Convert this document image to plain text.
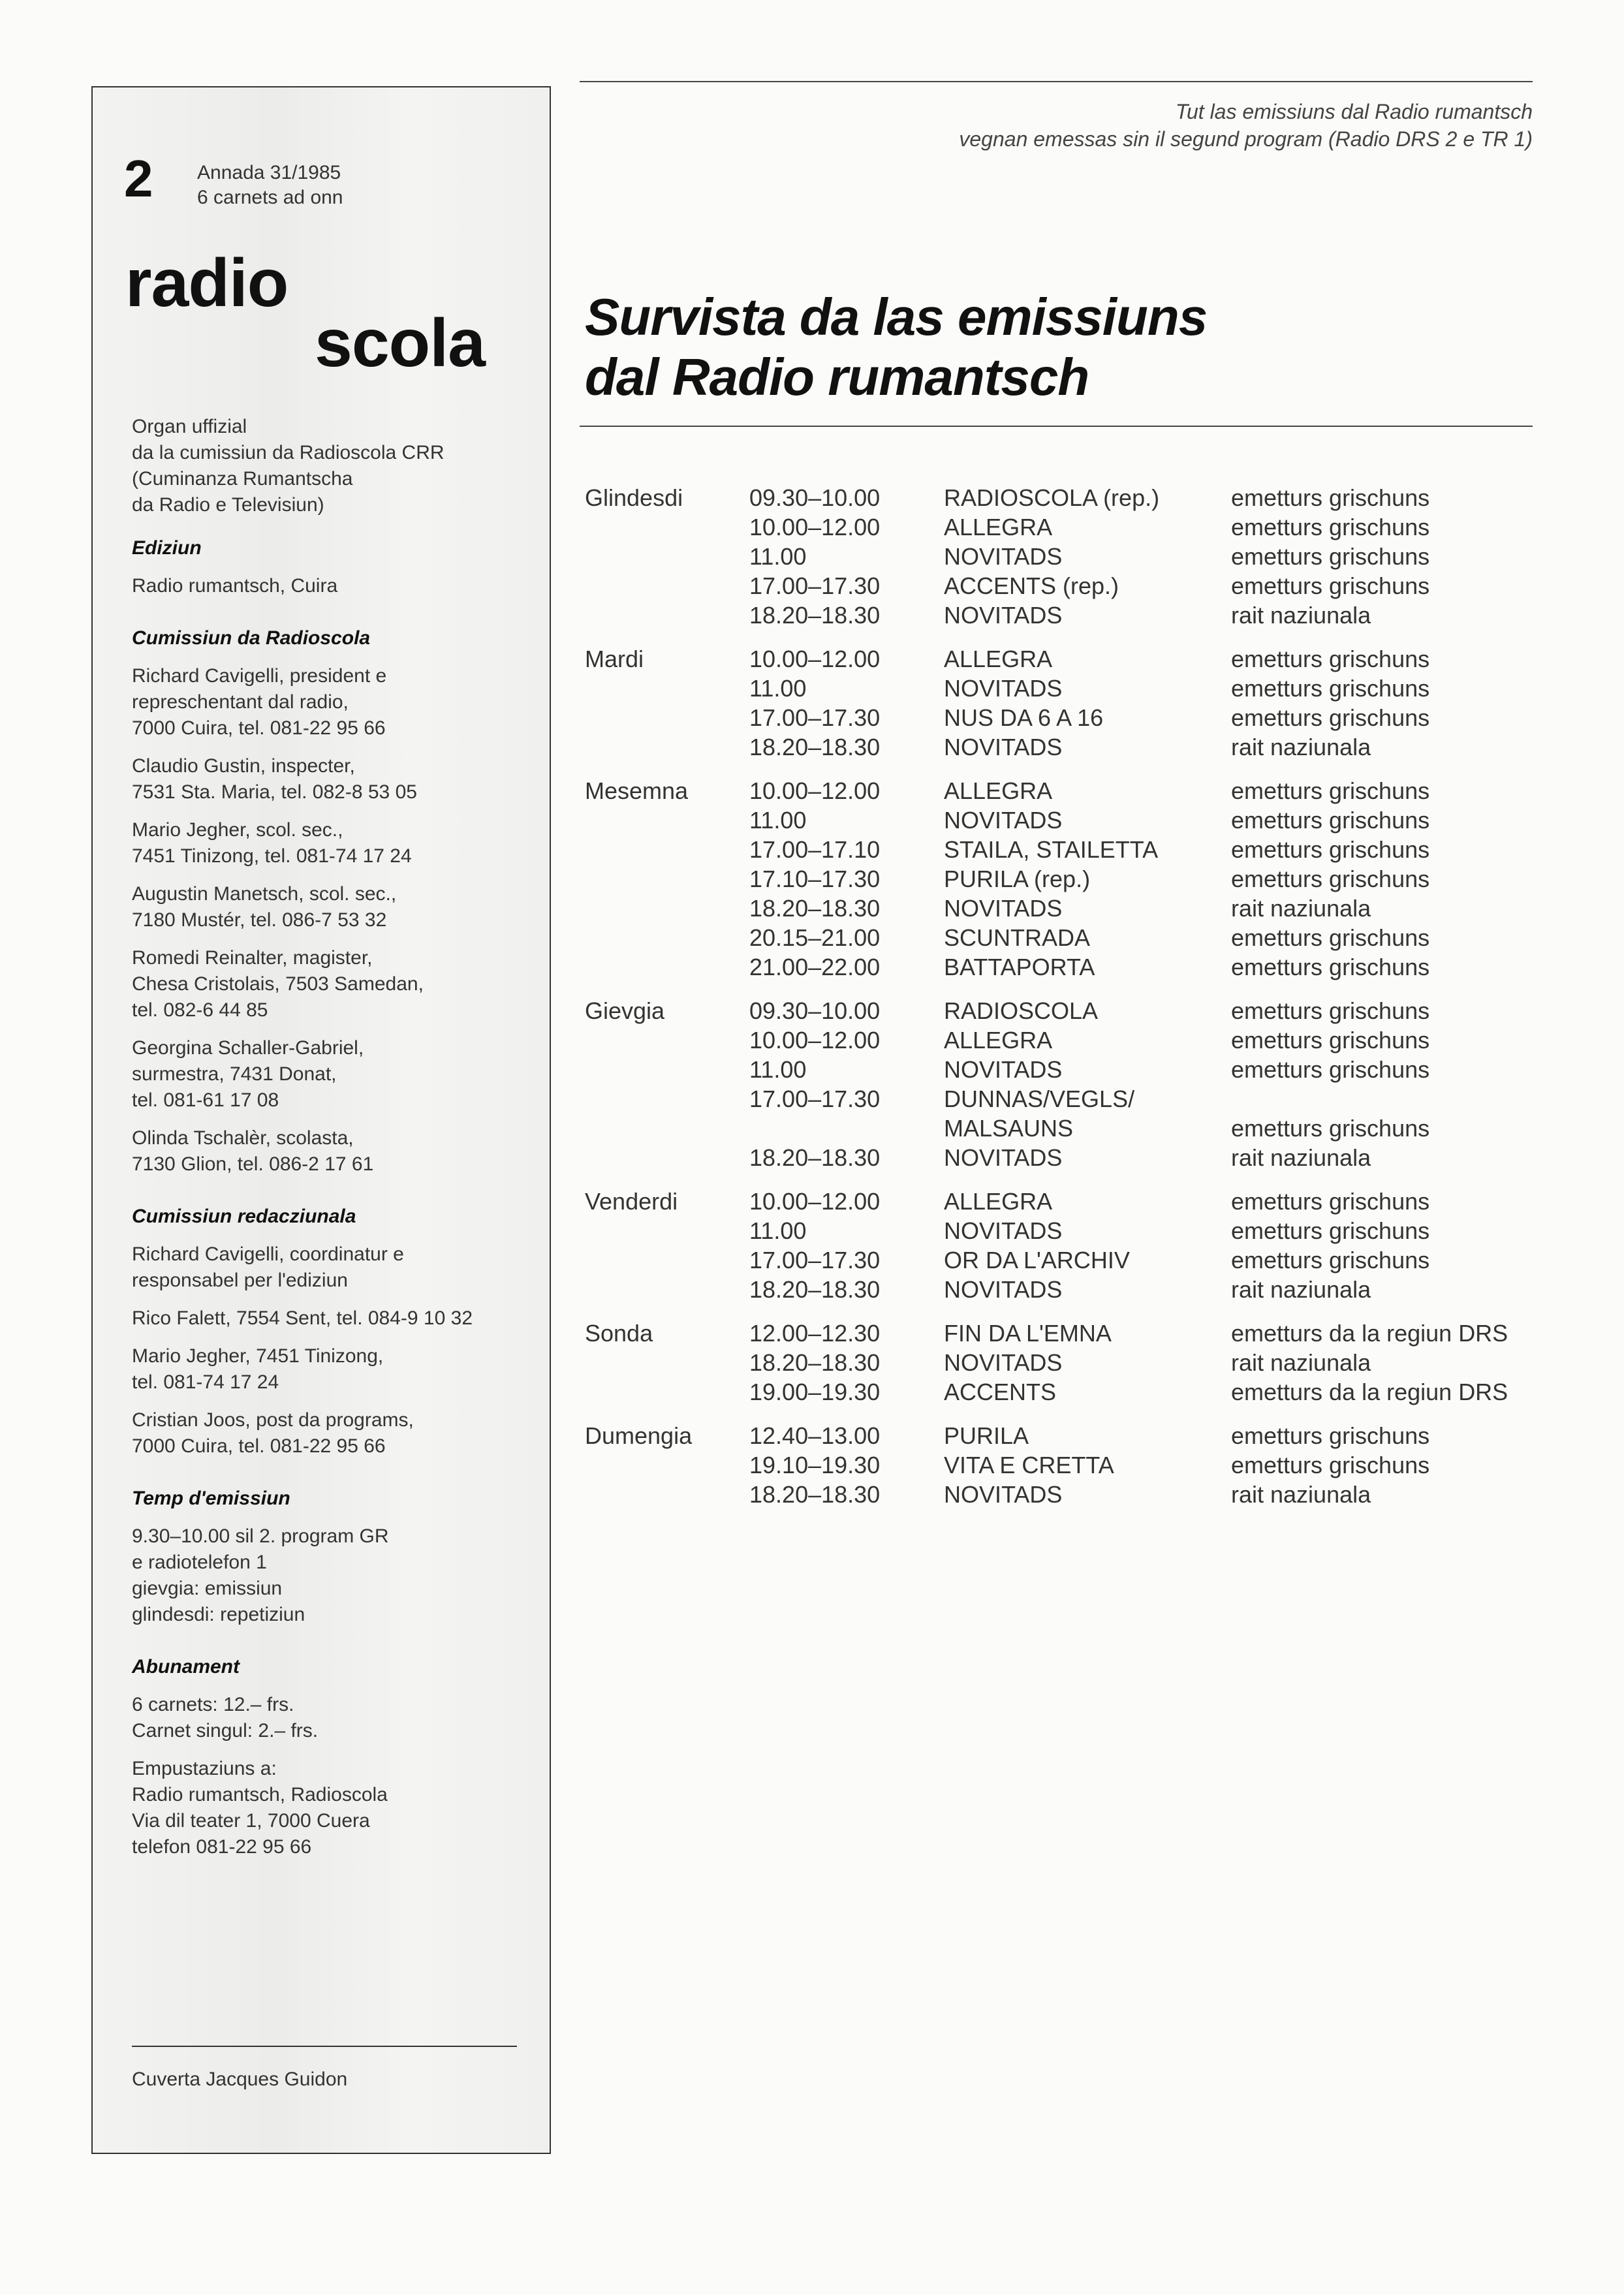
2 Annada 31/1985
6 carnets ad onn
radio
scola

Organ uffizial
da la cumissiun da Radioscola CRR
(Cuminanza Rumantscha
da Radio e Televisiun)

Ediziun

Radio rumantsch, Cuira

Cumissiun da Radioscola

Richard Cavigelli, president e
represchentant dal radio,
7000 Cuira, tel. 081-22 95 66

Claudio Gustin, inspecter,
7531 Sta. Maria, tel. 082-8 53 05

Mario Jegher, scol. sec.,
7451 Tinizong, tel. 081-74 17 24

Augustin Manetsch, scol. sec.,
7180 Mustér, tel. 086-7 53 32

Romedi Reinalter, magister,
Chesa Cristolais, 7503 Samedan,
tel. 082-6 44 85

Georgina Schaller-Gabriel,
surmestra, 7431 Donat,
tel. 081-61 17 08

Olinda Tschalèr, scolasta,
7130 Glion, tel. 086-2 17 61

Cumissiun redacziunala

Richard Cavigelli, coordinatur e
responsabel per l'ediziun

Rico Falett, 7554 Sent, tel. 084-9 10 32

Mario Jegher, 7451 Tinizong,
tel. 081-74 17 24

Cristian Joos, post da programs,
7000 Cuira, tel. 081-22 95 66

Temp d'emissiun

9.30–10.00 sil 2. program GR
e radiotelefon 1
gievgia: emissiun
glindesdi: repetiziun

Abunament

6 carnets: 12.– frs.
Carnet singul: 2.– frs.

Empustaziuns a:
Radio rumantsch, Radioscola
Via dil teater 1, 7000 Cuera
telefon 081-22 95 66

Cuverta Jacques Guidon
Tut las emissiuns dal Radio rumantsch
vegnan emessas sin il segund program (Radio DRS 2 e TR 1)
Survista da las emissiuns
dal Radio rumantsch
Glindesdi	09.30–10.00	RADIOSCOLA (rep.)	emetturs grischuns
10.00–12.00	ALLEGRA	emetturs grischuns
11.00	NOVITADS	emetturs grischuns
17.00–17.30	ACCENTS (rep.)	emetturs grischuns
18.20–18.30	NOVITADS	rait naziunala
Mardi	10.00–12.00	ALLEGRA	emetturs grischuns
11.00	NOVITADS	emetturs grischuns
17.00–17.30	NUS DA 6 A 16	emetturs grischuns
18.20–18.30	NOVITADS	rait naziunala
Mesemna	10.00–12.00	ALLEGRA	emetturs grischuns
11.00	NOVITADS	emetturs grischuns
17.00–17.10	STAILA, STAILETTA	emetturs grischuns
17.10–17.30	PURILA (rep.)	emetturs grischuns
18.20–18.30	NOVITADS	rait naziunala
20.15–21.00	SCUNTRADA	emetturs grischuns
21.00–22.00	BATTAPORTA	emetturs grischuns
Gievgia	09.30–10.00	RADIOSCOLA	emetturs grischuns
10.00–12.00	ALLEGRA	emetturs grischuns
11.00	NOVITADS	emetturs grischuns
17.00–17.30	DUNNAS/VEGLS/ MALSAUNS	emetturs grischuns
18.20–18.30	NOVITADS	rait naziunala
Venderdi	10.00–12.00	ALLEGRA	emetturs grischuns
11.00	NOVITADS	emetturs grischuns
17.00–17.30	OR DA L'ARCHIV	emetturs grischuns
18.20–18.30	NOVITADS	rait naziunala
Sonda	12.00–12.30	FIN DA L'EMNA	emetturs da la regiun DRS
18.20–18.30	NOVITADS	rait naziunala
19.00–19.30	ACCENTS	emetturs da la regiun DRS
Dumengia 12.40–13.00	PURILA	emetturs grischuns
19.10–19.30	VITA E CRETTA	emetturs grischuns
18.20–18.30	NOVITADS	rait naziunala
